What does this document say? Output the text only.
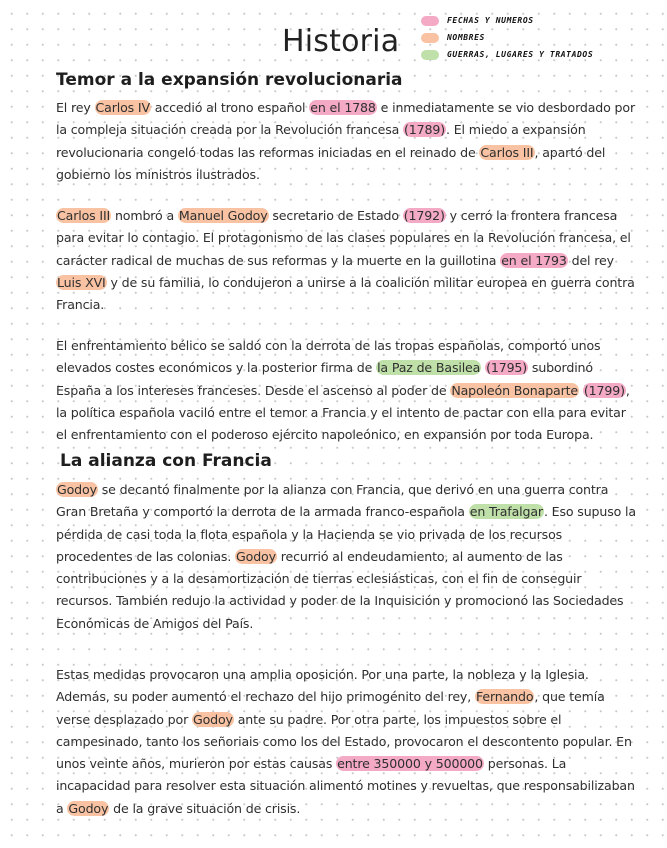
Historia
FECHAS Y NUMEROS
NOMBRES
GUERRAS, LUGARES Y TRATADOS
Temor a la expansión revolucionaria

El rey Carlos IV accedió al trono español en el 1788 e inmediatamente se vio desbordado por la compleja situación creada por la Revolución francesa (1789). El miedo a expansión revolucionaria congeló todas las reformas iniciadas en el reinado de Carlos III, apartó del gobierno los ministros ilustrados.

Carlos III nombró a Manuel Godoy secretario de Estado (1792) y cerró la frontera francesa para evitar lo contagio. El protagonismo de las clases populares en la Revolución francesa, el carácter radical de muchas de sus reformas y la muerte en la guillotina en el 1793 del rey Luis XVI y de su familia, lo condujeron a unirse a la coalición militar europea en guerra contra Francia.

El enfrentamiento bélico se saldó con la derrota de las tropas españolas, comportó unos elevados costes económicos y la posterior firma de la Paz de Basilea (1795) subordinó España a los intereses franceses. Desde el ascenso al poder de Napoleón Bonaparte (1799), la política española vaciló entre el temor a Francia y el intento de pactar con ella para evitar el enfrentamiento con el poderoso ejército napoleónico, en expansión por toda Europa.

La alianza con Francia

Godoy se decantó finalmente por la alianza con Francia, que derivó en una guerra contra Gran Bretaña y comportó la derrota de la armada franco-española en Trafalgar. Eso supuso la pérdida de casi toda la flota española y la Hacienda se vio privada de los recursos procedentes de las colonias. Godoy recurrió al endeudamiento, al aumento de las contribuciones y a la desamortización de tierras eclesiásticas, con el fin de conseguir recursos. También redujo la actividad y poder de la Inquisición y promocionó las Sociedades Económicas de Amigos del País.

Estas medidas provocaron una amplia oposición. Por una parte, la nobleza y la Iglesia. Además, su poder aumentó el rechazo del hijo primogénito del rey, Fernando, que temía verse desplazado por Godoy ante su padre. Por otra parte, los impuestos sobre el campesinado, tanto los señoriais como los del Estado, provocaron el descontento popular. En unos veinte años, murieron por estas causas entre 350000 y 500000 personas. La incapacidad para resolver esta situación alimentó motines y revueltas, que responsabilizaban a Godoy de la grave situación de crisis.
